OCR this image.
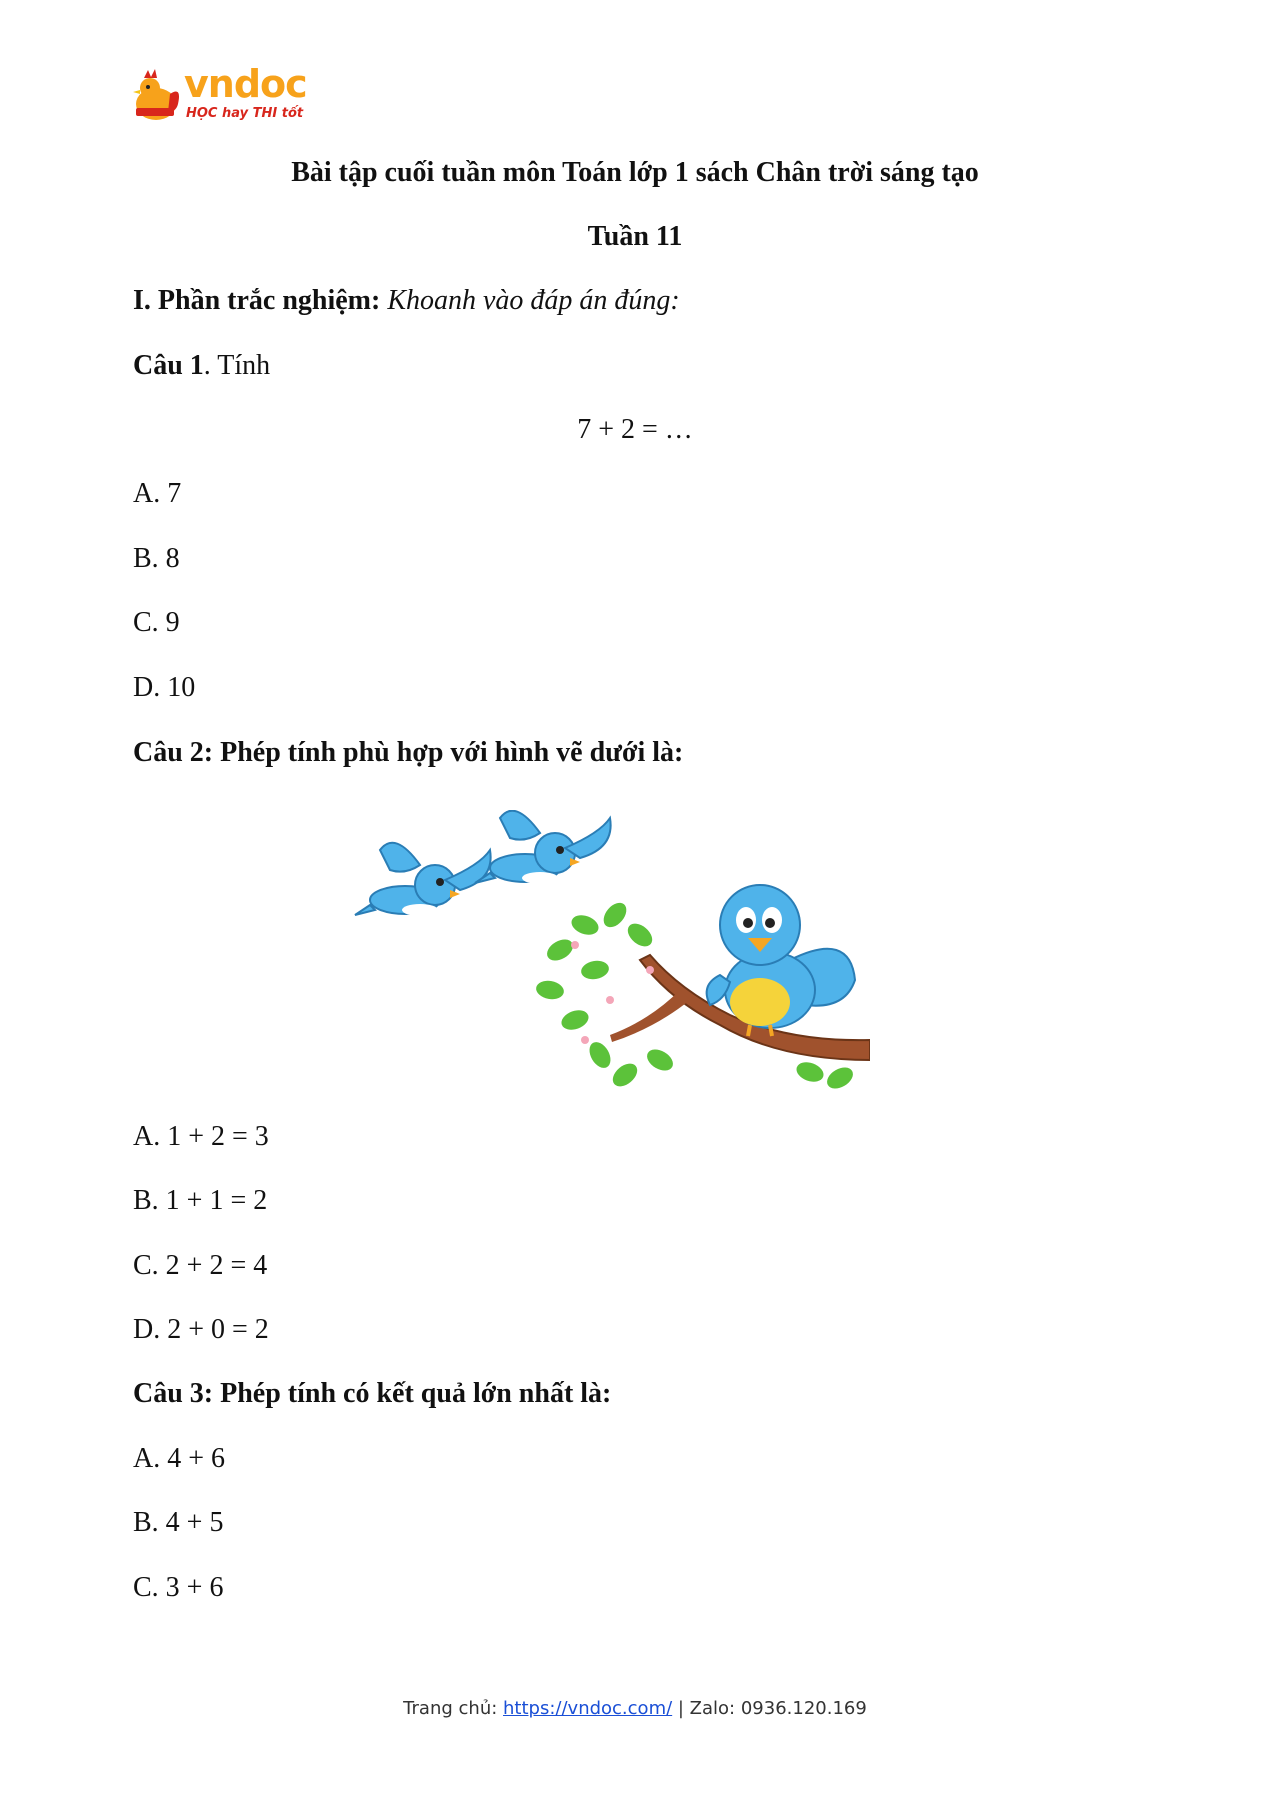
vndoc
HỌC hay THI tốt
Bài tập cuối tuần môn Toán lớp 1 sách Chân trời sáng tạo
Tuần 11
I. Phần trắc nghiệm: Khoanh vào đáp án đúng:
Câu 1. Tính
7 + 2 = …
A. 7
B. 8
C. 9
D. 10
Câu 2: Phép tính phù hợp với hình vẽ dưới là:
A. 1 + 2 = 3
B. 1 + 1 = 2
C. 2 + 2 = 4
D. 2 + 0 = 2
Câu 3: Phép tính có kết quả lớn nhất là:
A. 4 + 6
B. 4 + 5
C. 3 + 6
Trang chủ: https://vndoc.com/ | Zalo: 0936.120.169
